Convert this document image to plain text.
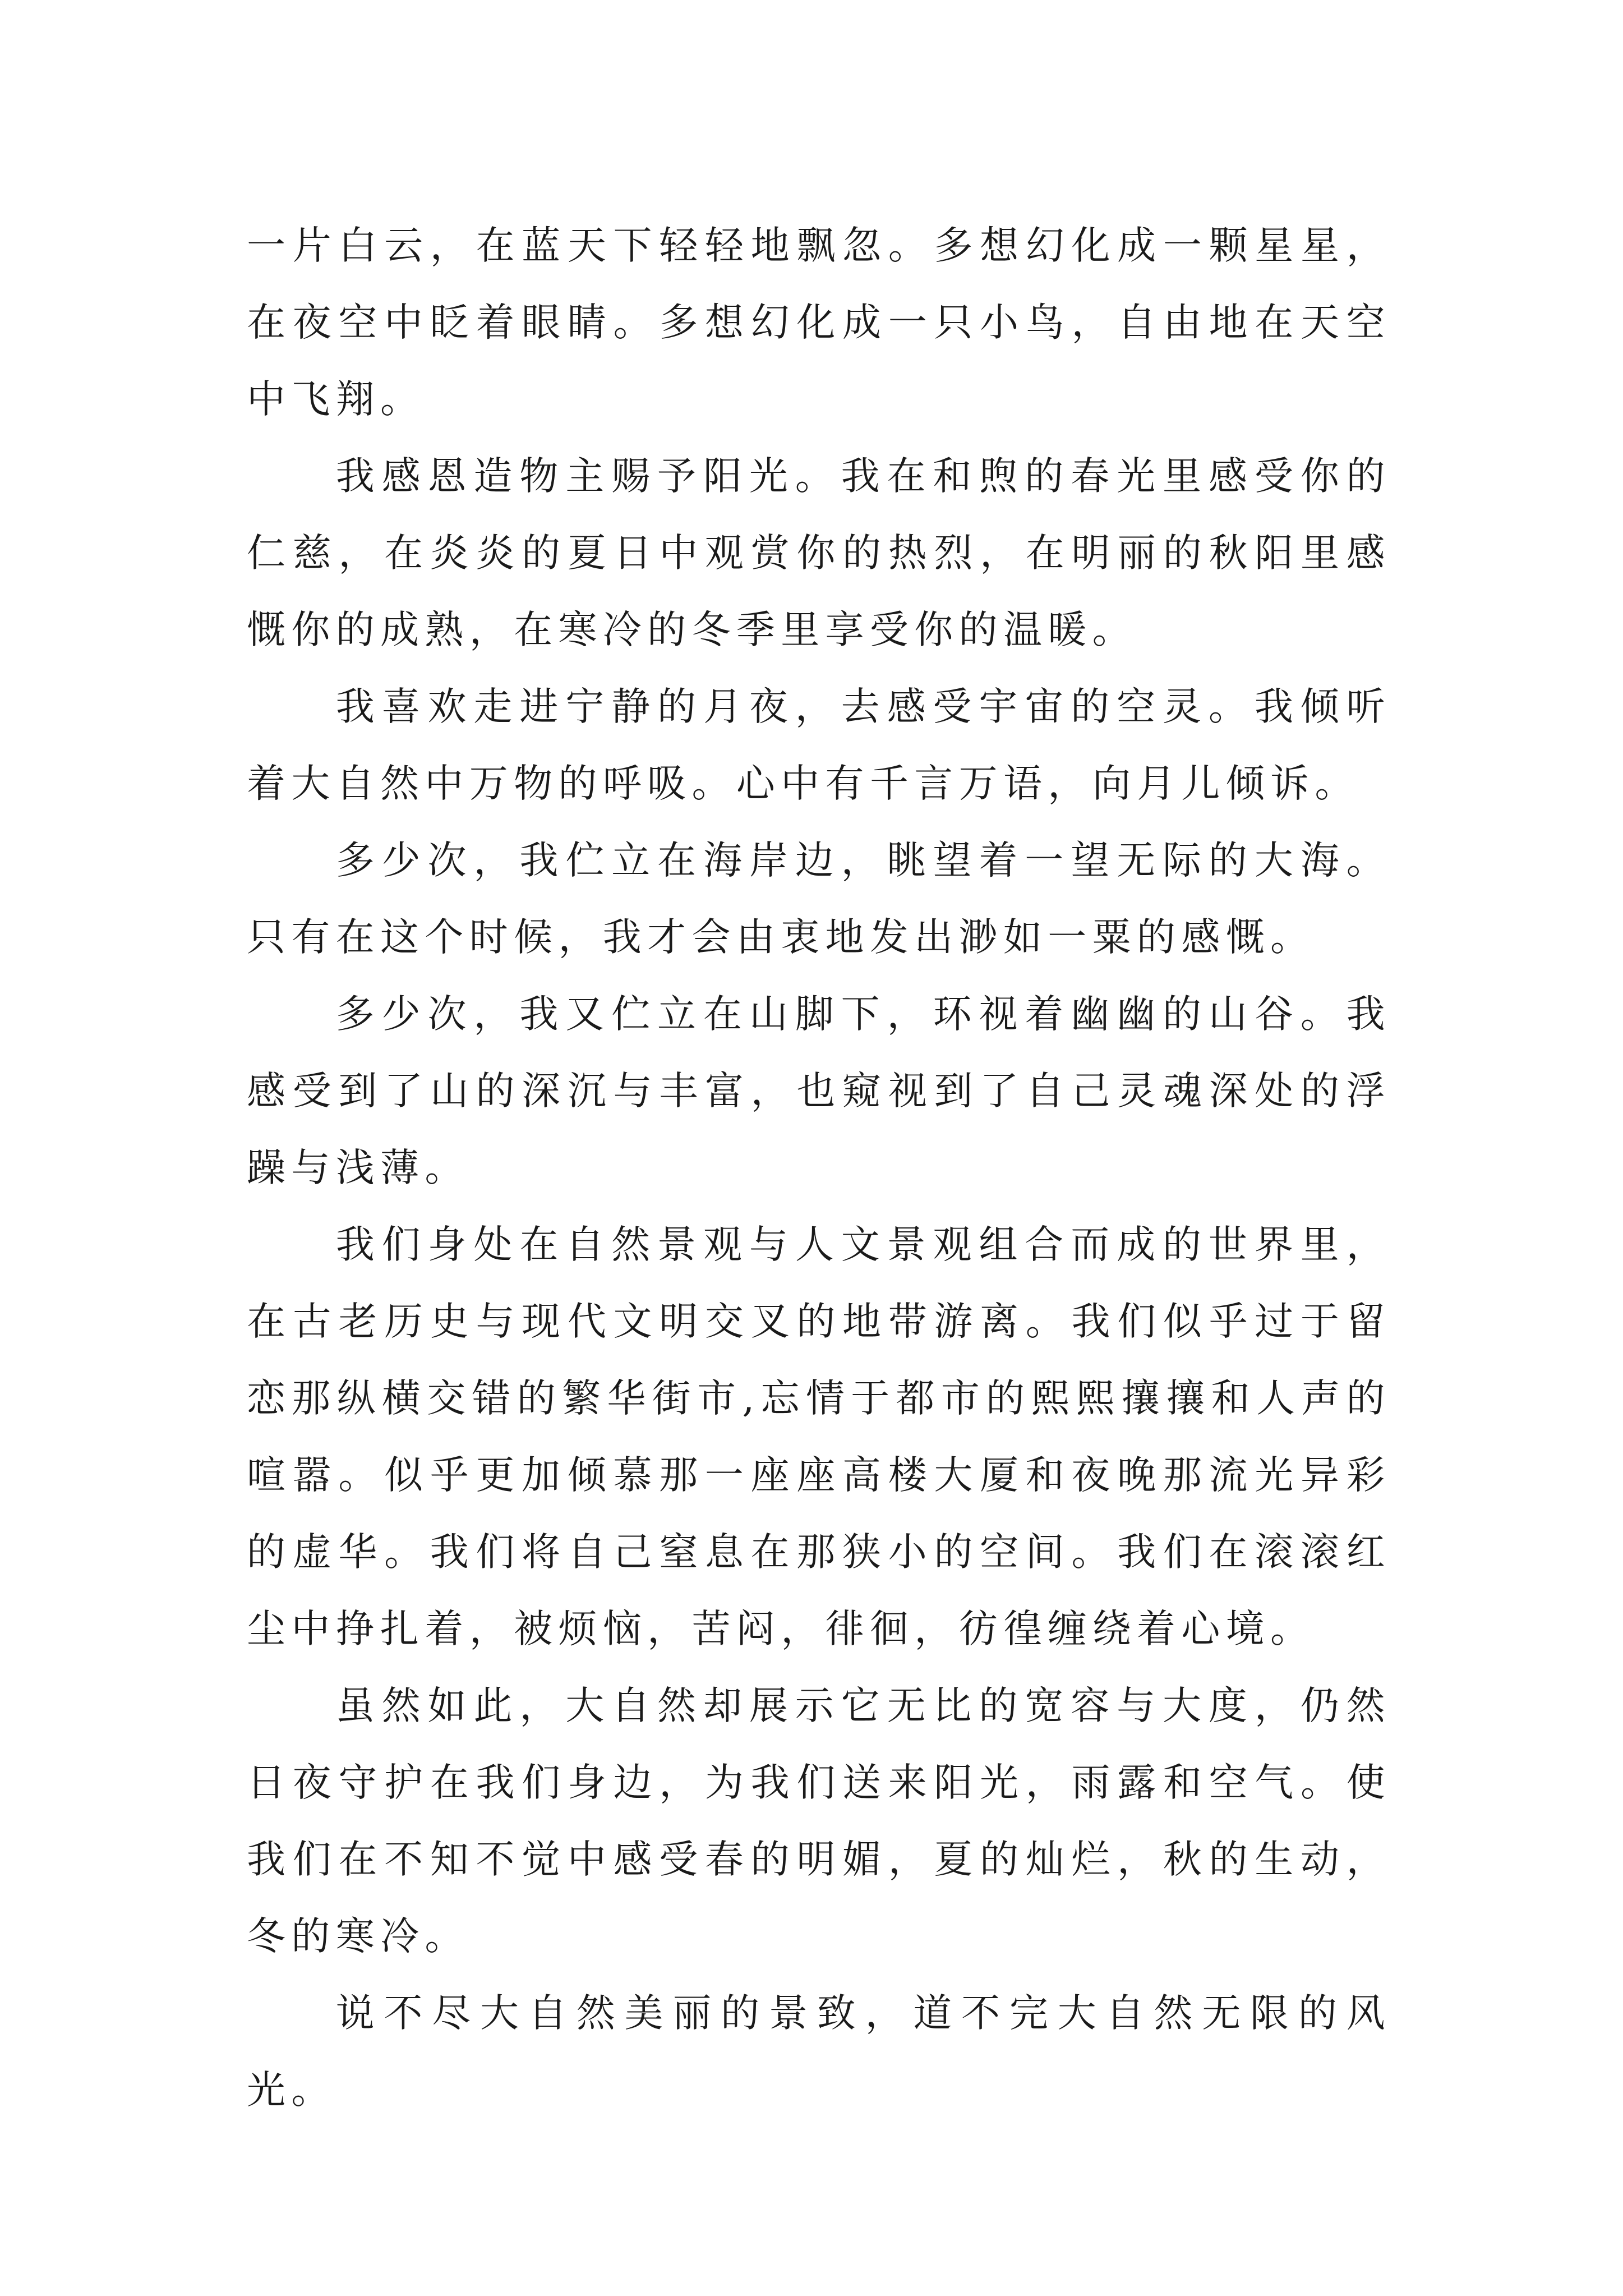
一片白云，在蓝天下轻轻地飘忽。多想幻化成一颗星星，在夜空中眨着眼睛。多想幻化成一只小鸟，自由地在天空中飞翔。

我感恩造物主赐予阳光。我在和煦的春光里感受你的仁慈，在炎炎的夏日中观赏你的热烈，在明丽的秋阳里感慨你的成熟，在寒冷的冬季里享受你的温暖。

我喜欢走进宁静的月夜，去感受宇宙的空灵。我倾听着大自然中万物的呼吸。心中有千言万语，向月儿倾诉。

多少次，我伫立在海岸边，眺望着一望无际的大海。只有在这个时候，我才会由衷地发出渺如一粟的感慨。

多少次，我又伫立在山脚下，环视着幽幽的山谷。我感受到了山的深沉与丰富，也窥视到了自己灵魂深处的浮躁与浅薄。

我们身处在自然景观与人文景观组合而成的世界里，在古老历史与现代文明交叉的地带游离。我们似乎过于留恋那纵横交错的繁华街市,忘情于都市的熙熙攘攘和人声的喧嚣。似乎更加倾慕那一座座高楼大厦和夜晚那流光异彩的虚华。我们将自己窒息在那狭小的空间。我们在滚滚红尘中挣扎着，被烦恼，苦闷，徘徊，彷徨缠绕着心境。

虽然如此，大自然却展示它无比的宽容与大度，仍然日夜守护在我们身边，为我们送来阳光，雨露和空气。使我们在不知不觉中感受春的明媚，夏的灿烂，秋的生动，冬的寒冷。

说不尽大自然美丽的景致，道不完大自然无限的风光。
